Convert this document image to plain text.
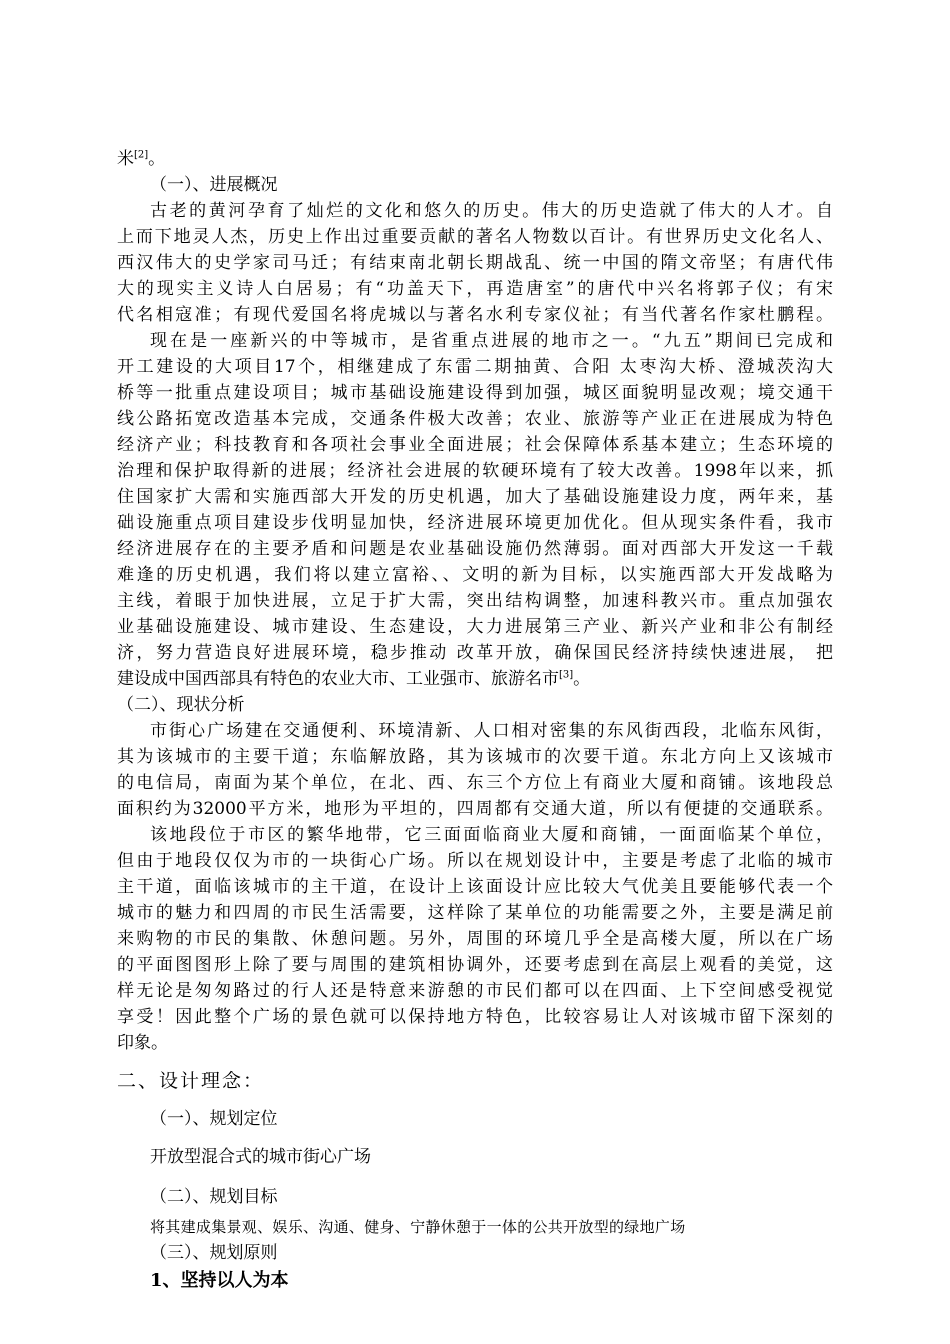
米[2]。
（一）、进展概况
古老的黄河孕育了灿烂的文化和悠久的历史。伟大的历史造就了伟大的人才。自
上而下地灵人杰，历史上作出过重要贡献的著名人物数以百计。有世界历史文化名人、
西汉伟大的史学家司马迁；有结束南北朝长期战乱、统一中国的隋文帝坚；有唐代伟
大的现实主义诗人白居易；有“功盖天下，再造唐室”的唐代中兴名将郭子仪；有宋
代名相寇准；有现代爱国名将虎城以与著名水利专家仪祉；有当代著名作家杜鹏程。
现在是一座新兴的中等城市，是省重点进展的地市之一。“九五”期间已完成和
开工建设的大项目17个，相继建成了东雷二期抽黄、合阳 太枣沟大桥、澄城茨沟大
桥等一批重点建设项目；城市基础设施建设得到加强，城区面貌明显改观；境交通干
线公路拓宽改造基本完成，交通条件极大改善；农业、旅游等产业正在进展成为特色
经济产业；科技教育和各项社会事业全面进展；社会保障体系基本建立；生态环境的
治理和保护取得新的进展；经济社会进展的软硬环境有了较大改善。1998年以来，抓
住国家扩大需和实施西部大开发的历史机遇，加大了基础设施建设力度，两年来，基
础设施重点项目建设步伐明显加快，经济进展环境更加优化。但从现实条件看，我市
经济进展存在的主要矛盾和问题是农业基础设施仍然薄弱。面对西部大开发这一千载
难逢的历史机遇，我们将以建立富裕、、文明的新为目标，以实施西部大开发战略为
主线，着眼于加快进展，立足于扩大需，突出结构调整，加速科教兴市。重点加强农
业基础设施建设、城市建设、生态建设，大力进展第三产业、新兴产业和非公有制经
济，努力营造良好进展环境，稳步推动 改革开放，确保国民经济持续快速进展， 把
建设成中国西部具有特色的农业大市、工业强市、旅游名市[3]。
（二）、现状分析
市街心广场建在交通便利、环境清新、人口相对密集的东风街西段，北临东风街，
其为该城市的主要干道；东临解放路，其为该城市的次要干道。东北方向上又该城市
的电信局，南面为某个单位，在北、西、东三个方位上有商业大厦和商铺。该地段总
面积约为32000平方米，地形为平坦的，四周都有交通大道，所以有便捷的交通联系。
该地段位于市区的繁华地带，它三面面临商业大厦和商铺，一面面临某个单位，
但由于地段仅仅为市的一块街心广场。所以在规划设计中，主要是考虑了北临的城市
主干道，面临该城市的主干道，在设计上该面设计应比较大气优美且要能够代表一个
城市的魅力和四周的市民生活需要，这样除了某单位的功能需要之外，主要是满足前
来购物的市民的集散、休憩问题。另外，周围的环境几乎全是高楼大厦，所以在广场
的平面图图形上除了要与周围的建筑相协调外，还要考虑到在高层上观看的美觉，这
样无论是匆匆路过的行人还是特意来游憩的市民们都可以在四面、上下空间感受视觉
享受！因此整个广场的景色就可以保持地方特色，比较容易让人对该城市留下深刻的
印象。
二、设计理念：
（一）、规划定位
开放型混合式的城市街心广场
（二）、规划目标
将其建成集景观、娱乐、沟通、健身、宁静休憩于一体的公共开放型的绿地广场
（三）、规划原则
1、坚持以人为本
